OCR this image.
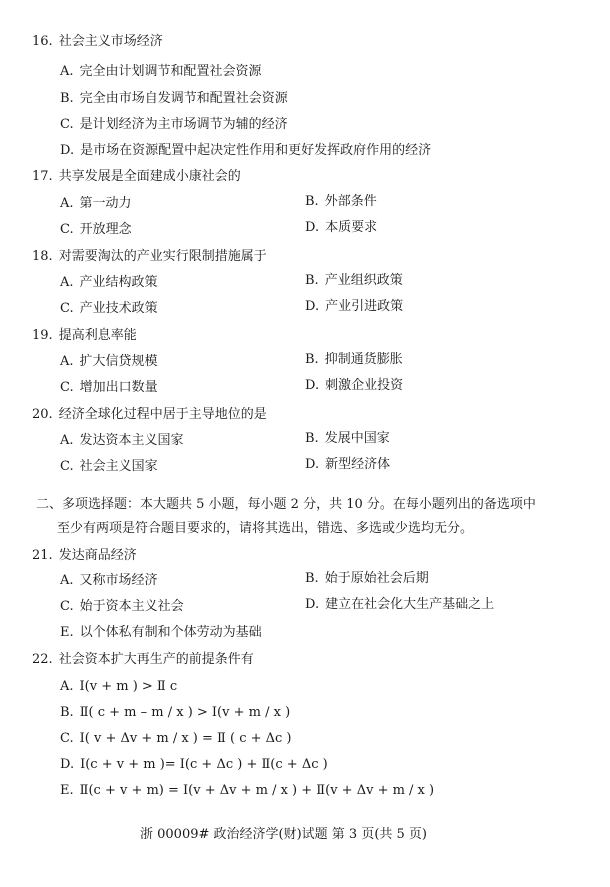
16. 社会主义市场经济
A. 完全由计划调节和配置社会资源
B. 完全由市场自发调节和配置社会资源
C. 是计划经济为主市场调节为辅的经济
D. 是市场在资源配置中起决定性作用和更好发挥政府作用的经济
17. 共享发展是全面建成小康社会的
A. 第一动力	B. 外部条件
C. 开放理念	D. 本质要求
18. 对需要淘汰的产业实行限制措施属于
A. 产业结构政策	B. 产业组织政策
C. 产业技术政策	D. 产业引进政策
19. 提高利息率能
A. 扩大信贷规模	B. 抑制通货膨胀
C. 增加出口数量	D. 刺激企业投资
20. 经济全球化过程中居于主导地位的是
A. 发达资本主义国家	B. 发展中国家
C. 社会主义国家	D. 新型经济体
二、多项选择题：本大题共 5 小题，每小题 2 分，共 10 分。在每小题列出的备选项中
至少有两项是符合题目要求的，请将其选出，错选、多选或少选均无分。
21. 发达商品经济
A. 又称市场经济	B. 始于原始社会后期
C. 始于资本主义社会	D. 建立在社会化大生产基础之上
E. 以个体私有制和个体劳动为基础
22. 社会资本扩大再生产的前提条件有
A. Ⅰ(v + m ) > Ⅱ c
B. Ⅱ( c + m – m / x ) > Ⅰ(v + m / x )
C. Ⅰ( v + Δv + m / x ) = Ⅱ ( c + Δc )
D. Ⅰ(c + v + m )= Ⅰ(c + Δc ) + Ⅱ(c + Δc )
E. Ⅱ(c + v + m) = Ⅰ(v + Δv + m / x ) + Ⅱ(v + Δv + m / x )
浙 00009# 政治经济学(财)试题 第 3 页(共 5 页)
